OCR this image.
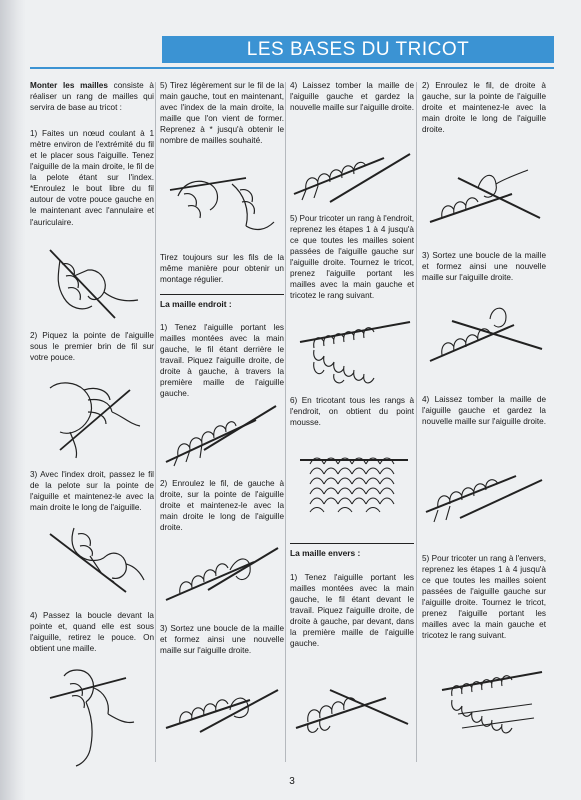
LES BASES DU TRICOT

Monter les mailles consiste à réaliser un rang de mailles qui servira de base au tricot :

1) Faites un nœud coulant à 1 mètre environ de l'extrémité du fil et le placer sous l'aiguille. Tenez l'aiguille de la main droite, le fil de la pelote étant sur l'index. *Enroulez le bout libre du fil autour de votre pouce gauche en le maintenant avec l'annulaire et l'auriculaire.

2) Piquez la pointe de l'aiguille sous le premier brin de fil sur votre pouce.

3) Avec l'index droit, passez le fil de la pelote sur la pointe de l'aiguille et maintenez-le avec la main droite le long de l'aiguille.

4) Passez la boucle devant la pointe et, quand elle est sous l'aiguille, retirez le pouce. On obtient une maille.

5) Tirez légèrement sur le fil de la main gauche, tout en maintenant, avec l'index de la main droite, la maille que l'on vient de former. Reprenez à * jusqu'à obtenir le nombre de mailles souhaité.

Tirez toujours sur les fils de la même manière pour obtenir un montage régulier.

La maille endroit :

1) Tenez l'aiguille portant les mailles montées avec la main gauche, le fil étant derrière le travail. Piquez l'aiguille droite, de droite à gauche, à travers la première maille de l'aiguille gauche.

2) Enroulez le fil, de gauche à droite, sur la pointe de l'aiguille droite et maintenez-le avec la main droite le long de l'aiguille droite.

3) Sortez une boucle de la maille et formez ainsi une nouvelle maille sur l'aiguille droite.

4) Laissez tomber la maille de l'aiguille gauche et gardez la nouvelle maille sur l'aiguille droite.

5) Pour tricoter un rang à l'endroit, reprenez les étapes 1 à 4 jusqu'à ce que toutes les mailles soient passées de l'aiguille gauche sur l'aiguille droite. Tournez le tricot, prenez l'aiguille portant les mailles avec la main gauche et tricotez le rang suivant.

6) En tricotant tous les rangs à l'endroit, on obtient du point mousse.

La maille envers :

1) Tenez l'aiguille portant les mailles montées avec la main gauche, le fil étant devant le travail. Piquez l'aiguille droite, de droite à gauche, par devant, dans la première maille de l'aiguille gauche.

2) Enroulez le fil, de droite à gauche, sur la pointe de l'aiguille droite et maintenez-le avec la main droite le long de l'aiguille droite.

3) Sortez une boucle de la maille et formez ainsi une nouvelle maille sur l'aiguille droite.

4) Laissez tomber la maille de l'aiguille gauche et gardez la nouvelle maille sur l'aiguille droite.

5) Pour tricoter un rang à l'envers, reprenez les étapes 1 à 4 jusqu'à ce que toutes les mailles soient passées de l'aiguille gauche sur l'aiguille droite. Tournez le tricot, prenez l'aiguille portant les mailles avec la main gauche et tricotez le rang suivant.

3
